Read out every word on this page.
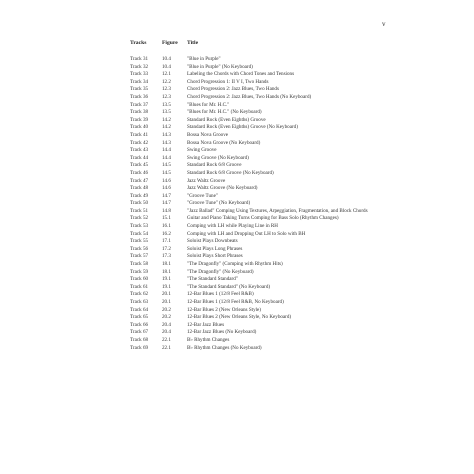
v
Tracks	Figure	Title

Track 31	10.4	"Blue in Purple"
Track 32	10.4	"Blue in Purple" (No Keyboard)
Track 33	12.1	Labeling the Chords with Chord Tones and Tensions
Track 34	12.2	Chord Progression 1: II V I, Two Hands
Track 35	12.3	Chord Progression 2: Jazz Blues, Two Hands
Track 36	12.3	Chord Progression 2: Jazz Blues, Two Hands (No Keyboard)
Track 37	13.5	"Blues for Mr. H.C."
Track 38	13.5	"Blues for Mr. H.C." (No Keyboard)
Track 39	14.2	Standard Rock (Even Eighths) Groove
Track 40	14.2	Standard Rock (Even Eighths) Groove (No Keyboard)
Track 41	14.3	Bossa Nova Groove
Track 42	14.3	Bossa Nova Groove (No Keyboard)
Track 43	14.4	Swing Groove
Track 44	14.4	Swing Groove (No Keyboard)
Track 45	14.5	Standard Rock 6/8 Groove
Track 46	14.5	Standard Rock 6/8 Groove (No Keyboard)
Track 47	14.6	Jazz Waltz Groove
Track 48	14.6	Jazz Waltz Groove (No Keyboard)
Track 49	14.7	"Groove Tune"
Track 50	14.7	"Groove Tune" (No Keyboard)
Track 51	14.8	"Jazz Ballad" Comping Using Textures, Arpeggiation, Fragmentation, and Block Chords
Track 52	15.1	Guitar and Piano Taking Turns Comping for Bass Solo (Rhythm Changes)
Track 53	16.1	Comping with LH while Playing Line in RH
Track 54	16.2	Comping with LH and Dropping Out LH to Solo with BH
Track 55	17.1	Soloist Plays Downbeats
Track 56	17.2	Soloist Plays Long Phrases
Track 57	17.3	Soloist Plays Short Phrases
Track 58	18.1	"The Dragonfly" (Comping with Rhythm Hits)
Track 59	18.1	"The Dragonfly" (No Keyboard)
Track 60	19.1	"The Standard Standard"
Track 61	19.1	"The Standard Standard" (No Keyboard)
Track 62	20.1	12-Bar Blues 1 (12/8 Feel R&B)
Track 63	20.1	12-Bar Blues 1 (12/8 Feel R&B, No Keyboard)
Track 64	20.2	12-Bar Blues 2 (New Orleans Style)
Track 65	20.2	12-Bar Blues 2 (New Orleans Style, No Keyboard)
Track 66	20.4	12-Bar Jazz Blues
Track 67	20.4	12-Bar Jazz Blues (No Keyboard)
Track 68	22.1	B♭ Rhythm Changes
Track 69	22.1	B♭ Rhythm Changes (No Keyboard)
